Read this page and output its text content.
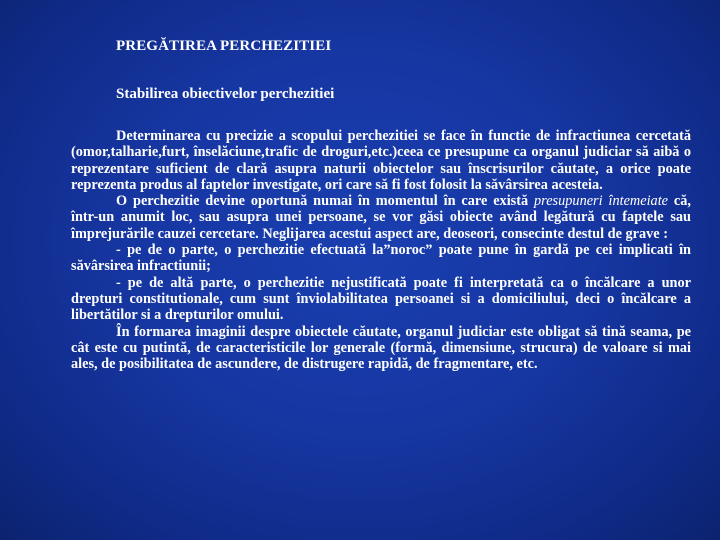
PREGĂTIREA PERCHEZITIEI
Stabilirea obiectivelor perchezitiei

Determinarea cu precizie a scopului perchezitiei se face în functie de infractiunea cercetată (omor,talharie,furt, înselăciune,trafic de droguri,etc.)ceea ce presupune ca organul judiciar să aibă o reprezentare suficient de clară asupra naturii obiectelor sau înscrisurilor căutate, a orice poate reprezenta produs al faptelor investigate, ori care să fi fost folosit la săvârsirea acesteia.

O perchezitie devine oportună numai în momentul în care există presupuneri întemeiate că, într-un anumit loc, sau asupra unei persoane, se vor găsi obiecte având legătură cu faptele sau împrejurările cauzei cercetare. Neglijarea acestui aspect are, deoseori, consecinte destul de grave :

- pe de o parte, o perchezitie efectuată la”noroc” poate pune în gardă pe cei implicati în săvârsirea infractiunii;

- pe de altă parte, o perchezitie nejustificată poate fi interpretată ca o încălcare a unor drepturi constitutionale, cum sunt înviolabilitatea persoanei si a domiciliului, deci o încălcare a libertătilor si a drepturilor omului.

În formarea imaginii despre obiectele căutate, organul judiciar este obligat să tină seama, pe cât este cu putintă, de caracteristicile lor generale (formă, dimensiune, strucura) de valoare si mai ales, de posibilitatea de ascundere, de distrugere rapidă, de fragmentare, etc.
